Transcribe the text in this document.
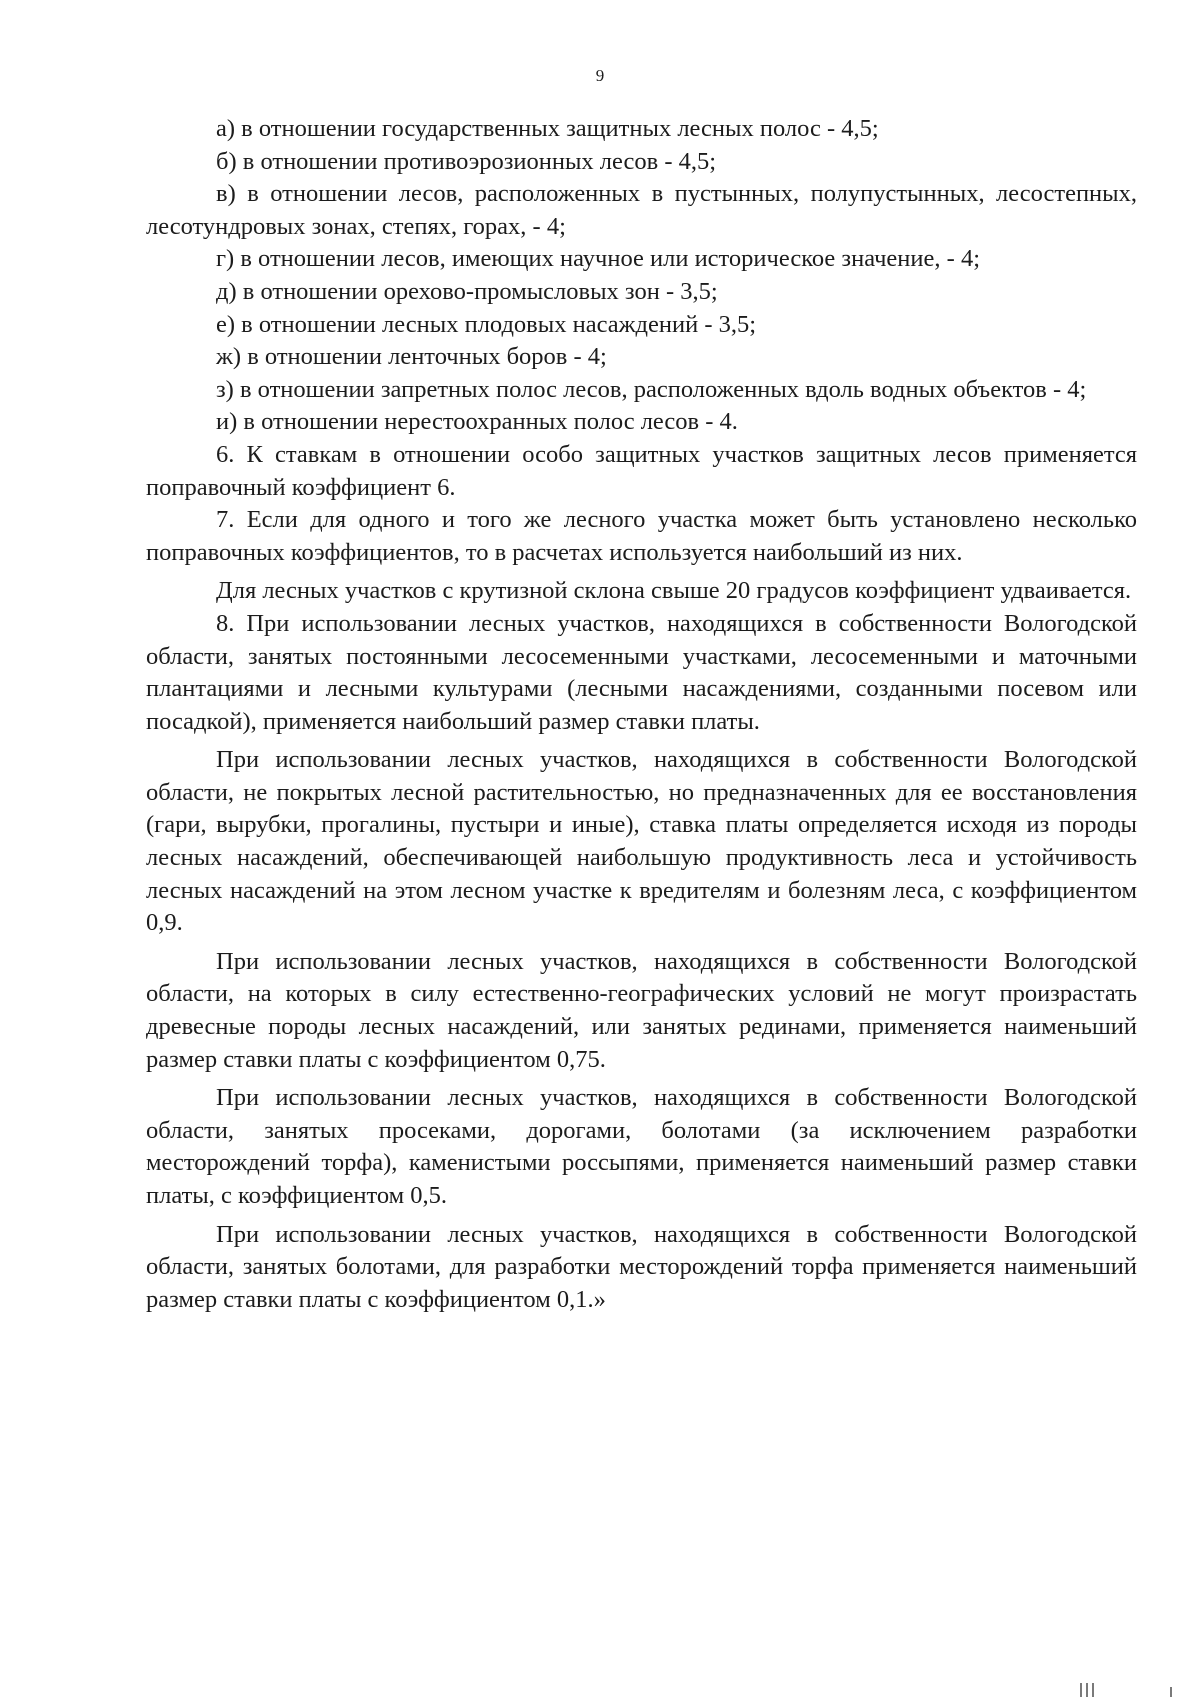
9

а) в отношении государственных защитных лесных полос - 4,5;

б) в отношении противоэрозионных лесов - 4,5;

в) в отношении лесов, расположенных в пустынных, полупустынных, лесостепных, лесотундровых зонах, степях, горах, - 4;

г) в отношении лесов, имеющих научное или историческое значение, - 4;

д) в отношении орехово-промысловых зон - 3,5;

е) в отношении лесных плодовых насаждений - 3,5;

ж) в отношении ленточных боров - 4;

з) в отношении запретных полос лесов, расположенных вдоль водных объектов - 4;

и) в отношении нерестоохранных полос лесов - 4.

6. К ставкам в отношении особо защитных участков защитных лесов применяется поправочный коэффициент 6.

7. Если для одного и того же лесного участка может быть установлено несколько поправочных коэффициентов, то в расчетах используется наибольший из них.

Для лесных участков с крутизной склона свыше 20 градусов коэффициент удваивается.

8. При использовании лесных участков, находящихся в собственности Вологодской области, занятых постоянными лесосеменными участками, лесосеменными и маточными плантациями и лесными культурами (лесными насаждениями, созданными посевом или посадкой), применяется наибольший размер ставки платы.

При использовании лесных участков, находящихся в собственности Вологодской области, не покрытых лесной растительностью, но предназначенных для ее восстановления (гари, вырубки, прогалины, пустыри и иные), ставка платы определяется исходя из породы лесных насаждений, обеспечивающей наибольшую продуктивность леса и устойчивость лесных насаждений на этом лесном участке к вредителям и болезням леса, с коэффициентом 0,9.

При использовании лесных участков, находящихся в собственности Вологодской области, на которых в силу естественно-географических условий не могут произрастать древесные породы лесных насаждений, или занятых рединами, применяется наименьший размер ставки платы с коэффициентом 0,75.

При использовании лесных участков, находящихся в собственности Вологодской области, занятых просеками, дорогами, болотами (за исключением разработки месторождений торфа), каменистыми россыпями, применяется наименьший размер ставки платы, с коэффициентом 0,5.

При использовании лесных участков, находящихся в собственности Вологодской области, занятых болотами, для разработки месторождений торфа применяется наименьший размер ставки платы с коэффициентом 0,1.»
